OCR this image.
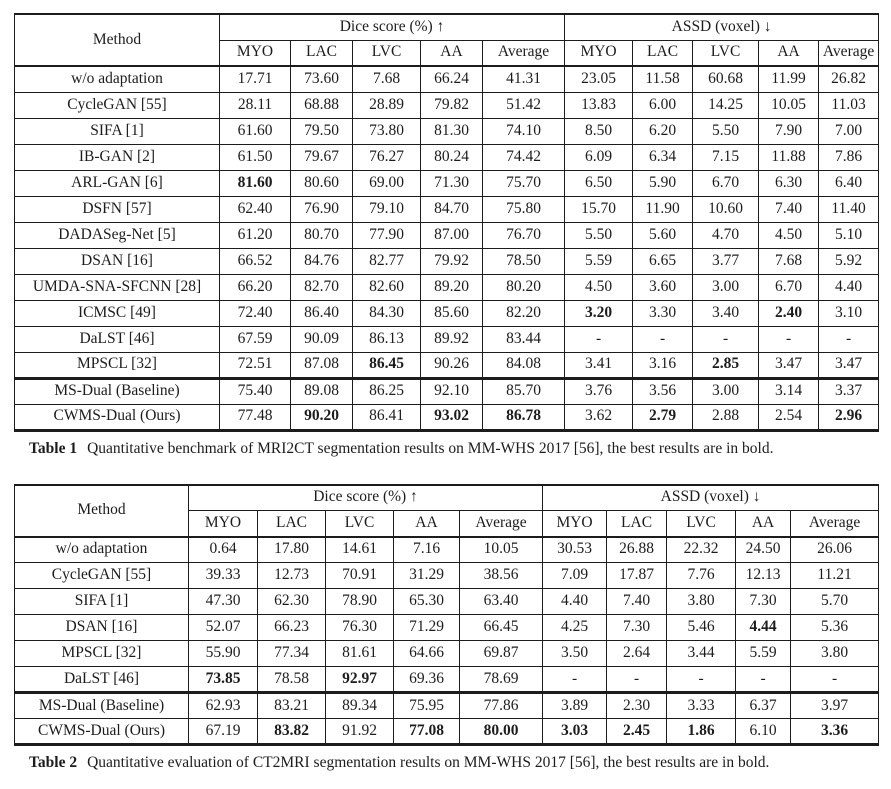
Method	Dice score (%) ↑					ASSD (voxel) ↓				
	MYO	LAC	LVC	AA	Average	MYO	LAC	LVC	AA	Average
w/o adaptation	17.71	73.60	7.68	66.24	41.31	23.05	11.58	60.68	11.99	26.82
CycleGAN [55]	28.11	68.88	28.89	79.82	51.42	13.83	6.00	14.25	10.05	11.03
SIFA [1]	61.60	79.50	73.80	81.30	74.10	8.50	6.20	5.50	7.90	7.00
IB-GAN [2]	61.50	79.67	76.27	80.24	74.42	6.09	6.34	7.15	11.88	7.86
ARL-GAN [6]	81.60	80.60	69.00	71.30	75.70	6.50	5.90	6.70	6.30	6.40
DSFN [57]	62.40	76.90	79.10	84.70	75.80	15.70	11.90	10.60	7.40	11.40
DADASeg-Net [5]	61.20	80.70	77.90	87.00	76.70	5.50	5.60	4.70	4.50	5.10
DSAN [16]	66.52	84.76	82.77	79.92	78.50	5.59	6.65	3.77	7.68	5.92
UMDA-SNA-SFCNN [28]	66.20	82.70	82.60	89.20	80.20	4.50	3.60	3.00	6.70	4.40
ICMSC [49]	72.40	86.40	84.30	85.60	82.20	3.20	3.30	3.40	2.40	3.10
DaLST [46]	67.59	90.09	86.13	89.92	83.44	-	-	-	-	-
MPSCL [32]	72.51	87.08	86.45	90.26	84.08	3.41	3.16	2.85	3.47	3.47
MS-Dual (Baseline)	75.40	89.08	86.25	92.10	85.70	3.76	3.56	3.00	3.14	3.37
CWMS-Dual (Ours)	77.48	90.20	86.41	93.02	86.78	3.62	2.79	2.88	2.54	2.96

Table 1 Quantitative benchmark of MRI2CT segmentation results on MM-WHS 2017 [56], the best results are in bold.

Method	Dice score (%) ↑					ASSD (voxel) ↓				
	MYO	LAC	LVC	AA	Average	MYO	LAC	LVC	AA	Average
w/o adaptation	0.64	17.80	14.61	7.16	10.05	30.53	26.88	22.32	24.50	26.06
CycleGAN [55]	39.33	12.73	70.91	31.29	38.56	7.09	17.87	7.76	12.13	11.21
SIFA [1]	47.30	62.30	78.90	65.30	63.40	4.40	7.40	3.80	7.30	5.70
DSAN [16]	52.07	66.23	76.30	71.29	66.45	4.25	7.30	5.46	4.44	5.36
MPSCL [32]	55.90	77.34	81.61	64.66	69.87	3.50	2.64	3.44	5.59	3.80
DaLST [46]	73.85	78.58	92.97	69.36	78.69	-	-	-	-	-
MS-Dual (Baseline)	62.93	83.21	89.34	75.95	77.86	3.89	2.30	3.33	6.37	3.97
CWMS-Dual (Ours)	67.19	83.82	91.92	77.08	80.00	3.03	2.45	1.86	6.10	3.36

Table 2 Quantitative evaluation of CT2MRI segmentation results on MM-WHS 2017 [56], the best results are in bold.
